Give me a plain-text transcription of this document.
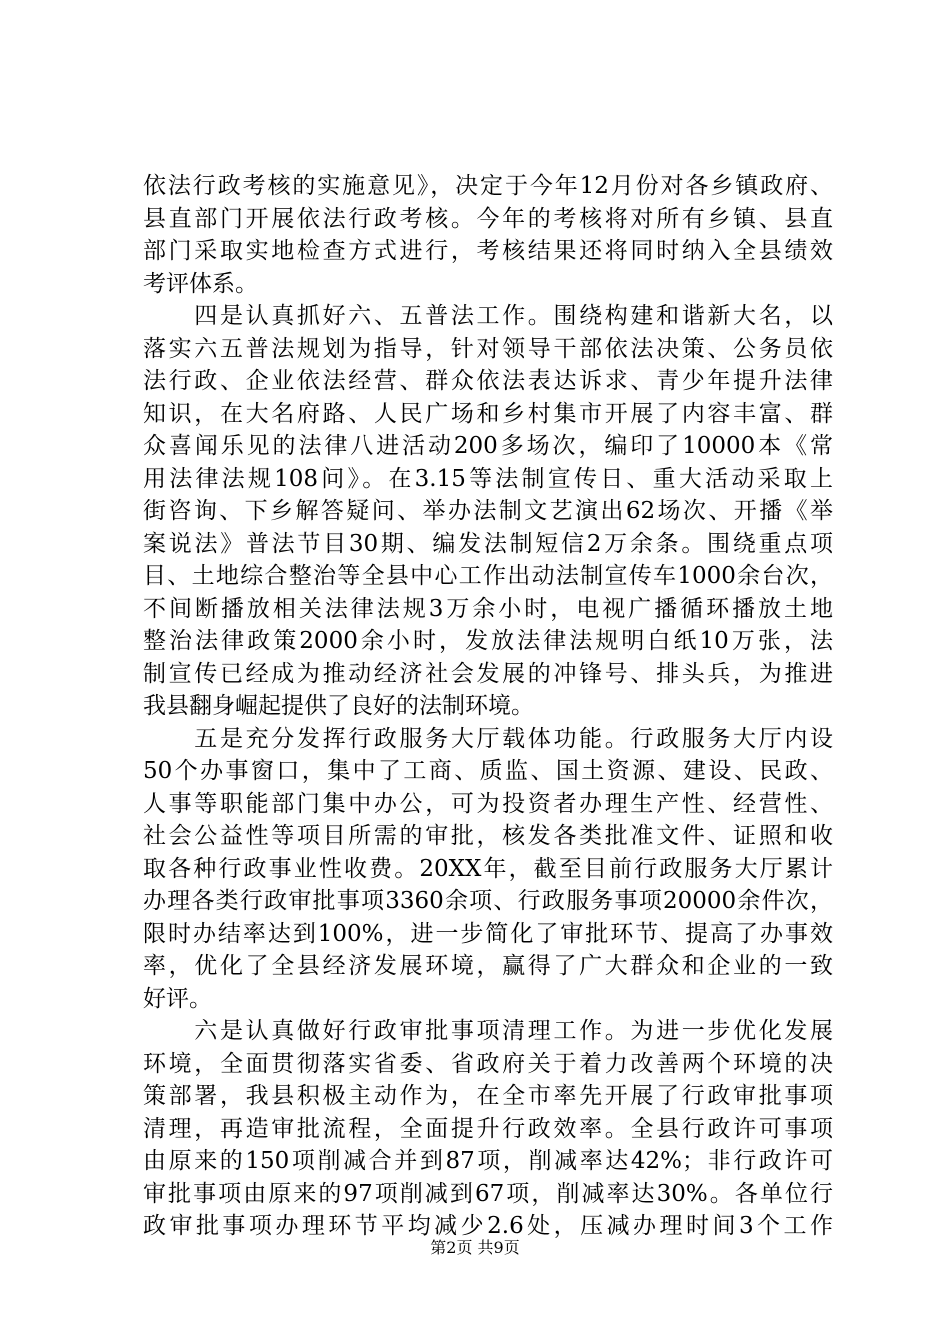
依法行政考核的实施意见》，决定于今年12月份对各乡镇政府、
县直部门开展依法行政考核。今年的考核将对所有乡镇、县直
部门采取实地检查方式进行，考核结果还将同时纳入全县绩效
考评体系。
　　四是认真抓好六、五普法工作。围绕构建和谐新大名，以
落实六五普法规划为指导，针对领导干部依法决策、公务员依
法行政、企业依法经营、群众依法表达诉求、青少年提升法律
知识，在大名府路、人民广场和乡村集市开展了内容丰富、群
众喜闻乐见的法律八进活动200多场次，编印了10000本《常
用法律法规108问》。在3.15等法制宣传日、重大活动采取上
街咨询、下乡解答疑问、举办法制文艺演出62场次、开播《举
案说法》普法节目30期、编发法制短信2万余条。围绕重点项
目、土地综合整治等全县中心工作出动法制宣传车1000余台次，
不间断播放相关法律法规3万余小时，电视广播循环播放土地
整治法律政策2000余小时，发放法律法规明白纸10万张，法
制宣传已经成为推动经济社会发展的冲锋号、排头兵，为推进
我县翻身崛起提供了良好的法制环境。
　　五是充分发挥行政服务大厅载体功能。行政服务大厅内设
50个办事窗口，集中了工商、质监、国土资源、建设、民政、
人事等职能部门集中办公，可为投资者办理生产性、经营性、
社会公益性等项目所需的审批，核发各类批准文件、证照和收
取各种行政事业性收费。20XX年，截至目前行政服务大厅累计
办理各类行政审批事项3360余项、行政服务事项20000余件次，
限时办结率达到100%，进一步简化了审批环节、提高了办事效
率，优化了全县经济发展环境，赢得了广大群众和企业的一致
好评。
　　六是认真做好行政审批事项清理工作。为进一步优化发展
环境，全面贯彻落实省委、省政府关于着力改善两个环境的决
策部署，我县积极主动作为，在全市率先开展了行政审批事项
清理，再造审批流程，全面提升行政效率。全县行政许可事项
由原来的150项削减合并到87项，削减率达42%；非行政许可
审批事项由原来的97项削减到67项，削减率达30%。各单位行
政审批事项办理环节平均减少2.6处，压减办理时间3个工作
第2页 共9页
